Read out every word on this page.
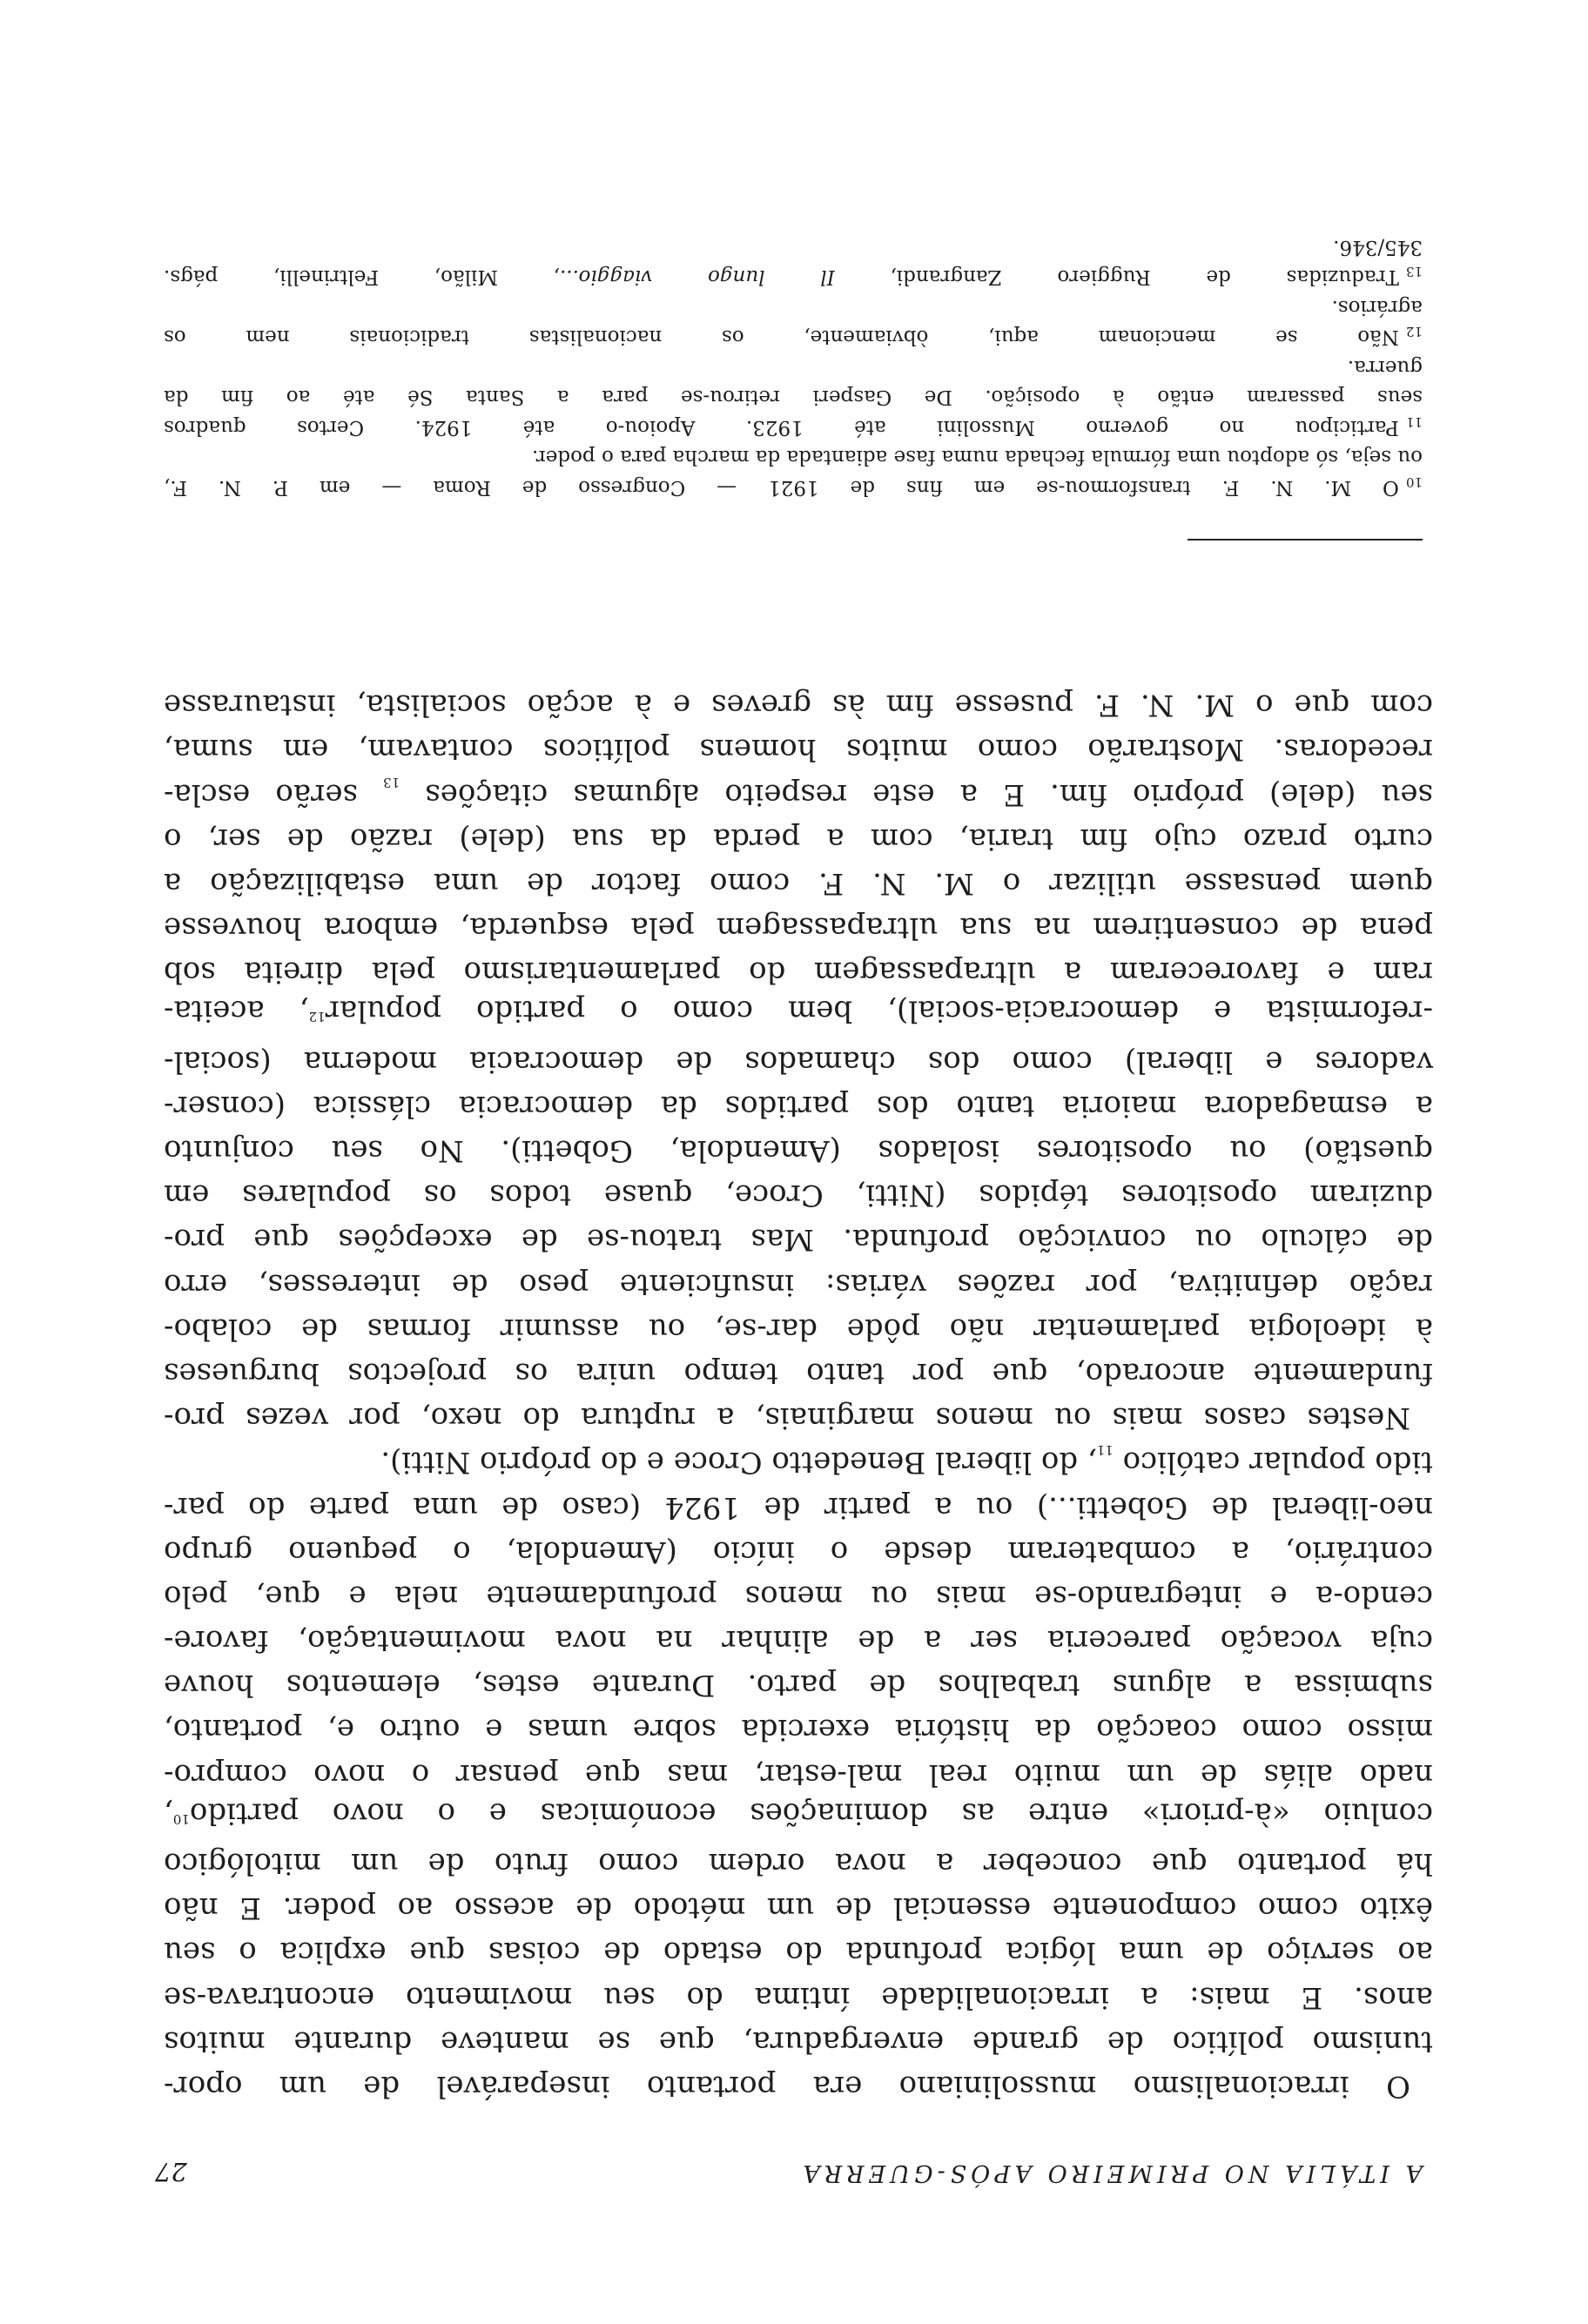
A ITÁLIA NO PRIMEIRO APÓS-GUERRA
27
O irracionalismo mussoliniano era portanto inseparável de um opor-
tunismo político de grande envergadura, que se manteve durante muitos
anos. E mais: a irracionalidade íntima do seu movimento encontrava-se
ao serviço de uma lógica profunda do estado de coisas que explica o seu
êxito como componente essencial de um método de acesso ao poder. E não
há portanto que conceber a nova ordem como fruto de um mitológico
conluio «à-priori» entre as dominações económicas e o novo partido$^{10}$,
nado aliás de um muito real mal-estar, mas que pensar o novo compro-
misso como coacção da história exercida sobre umas e outro e, portanto,
submissa a alguns trabalhos de parto. Durante estes, elementos houve
cuja vocação pareceria ser a de alinhar na nova movimentação, favore-
cendo-a e integrando-se mais ou menos profundamente nela e que, pelo
contrário, a combateram desde o início (Amendola, o pequeno grupo
neo-liberal de Gobetti...) ou a partir de 1924 (caso de uma parte do par-
tido popular católico $_{11}$, do liberal Benedetto Croce e do próprio Nitti).
Nestes casos mais ou menos marginais, a ruptura do nexo, por vezes pro-
fundamente ancorado, que por tanto tempo unira os projectos burgueses
à ideologia parlamentar não pôde dar-se, ou assumir formas de colabo-
ração definitiva, por razões várias: insuficiente peso de interesses, erro
de cálculo ou convicção profunda. Mas tratou-se de excepções que pro-
duziram opositores tépidos (Nitti, Croce, quase todos os populares em
questão) ou opositores isolados (Amendola, Gobetti). No seu conjunto
a esmagadora maioria tanto dos partidos da democracia clássica (conser-
vadores e liberal) como dos chamados de democracia moderna (social-
-reformista e democracia-social), bem como o partido popular$^{12}$, aceita-
ram e favoreceram a ultrapassagem do parlamentarismo pela direita sob
pena de consentirem na sua ultrapassagem pela esquerda, embora houvesse
quem pensasse utilizar o M. N. F. como factor de uma estabilização a
curto prazo cujo fim traria, com a perda da sua (dele) razão de ser, o
seu (dele) próprio fim. E a este respeito algumas citações $_{13}$ serão escla-
recedoras. Mostrarão como muitos homens políticos contavam, em suma,
com que o M. N. F. pusesse fim às greves e à acção socialista, instaurasse
10O M. N. F. transformou-se em fins de 1921 — Congresso de Roma — em P. N. F.,
ou seja, só adoptou uma fórmula fechada numa fase adiantada da marcha para o poder.
11Participou no governo Mussolini até 1923. Apoiou-o até 1924. Certos quadros
seus passaram então à oposição. De Gasperi retirou-se para a Santa Sé até ao fim da
guerra.
12Não se mencionam aqui, òbviamente, os nacionalistas tradicionais nem os
agrários.
13Traduzidas de Ruggiero Zangrandi, Il lungo viaggio..., Milão, Feltrinelli, págs.
345/346.
